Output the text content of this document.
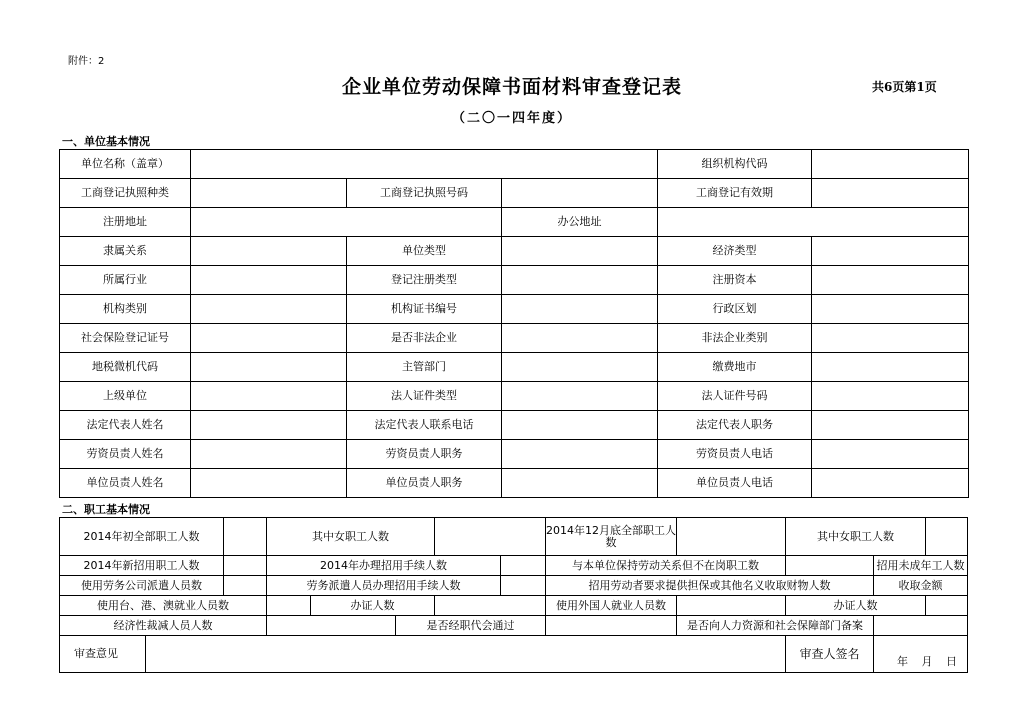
附件：2
企业单位劳动保障书面材料审查登记表	共6页第1页
（二〇一四年度）
一、单位基本情况
单位名称（盖章）				组织机构代码	
工商登记执照种类		工商登记执照号码		工商登记有效期	
注册地址			办公地址		
隶属关系		单位类型		经济类型	
所属行业		登记注册类型		注册资本	
机构类别		机构证书编号		行政区划	
社会保险登记证号		是否非法企业		非法企业类别	
地税微机代码		主管部门		缴费地市	
上级单位		法人证件类型		法人证件号码	
法定代表人姓名		法定代表人联系电话		法定代表人职务	
劳资员责人姓名		劳资员责人职务		劳资员责人电话	
单位员责人姓名		单位员责人职务		单位员责人电话	
二、职工基本情况
2014年初全部职工人数			其中女职工人数					2014年12月底全部职工人数		其中女职工人数		
2014年新招用职工人数			2014年办理招用手续人数					与本单位保持劳动关系但不在岗职工数			招用未成年工人数	
使用劳务公司派遣人员数			劳务派遣人员办理招用手续人数					招用劳动者要求提供担保或其他名义收取财物人数			收取金额	
使用台、港、澳就业人员数				办证人数				使用外国人就业人员数		办证人数		
经济性裁减人员人数					是否经职代会通过				是否向人力资源和社会保障部门备案			
审查意见										审查人签名	年 月 日	
